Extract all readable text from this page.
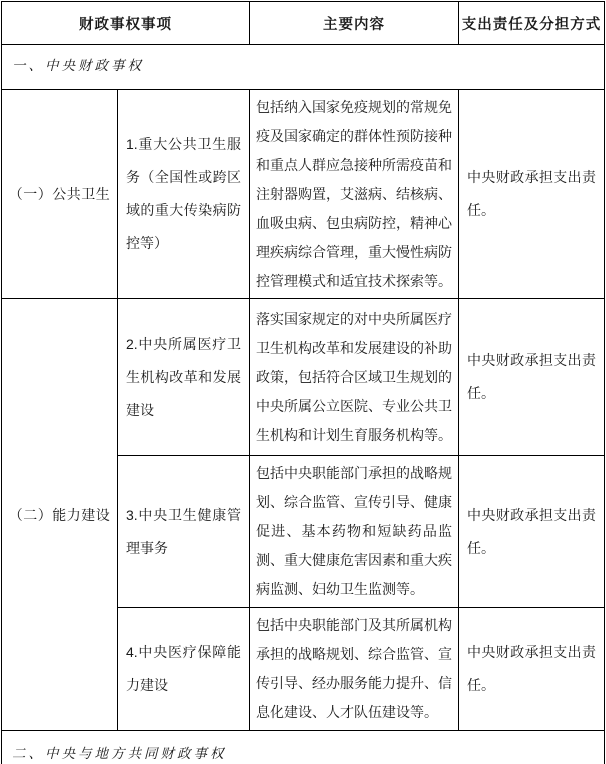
财政事权事项		主要内容	支出责任及分担方式
一、中央财政事权			
（一）公共卫生	1.重大公共卫生服务（全国性或跨区域的重大传染病防控等）	包括纳入国家免疫规划的常规免疫及国家确定的群体性预防接种和重点人群应急接种所需疫苗和注射器购置，艾滋病、结核病、血吸虫病、包虫病防控，精神心理疾病综合管理，重大慢性病防控管理模式和适宜技术探索等。	中央财政承担支出责任。
（二）能力建设	2.中央所属医疗卫生机构改革和发展建设	落实国家规定的对中央所属医疗卫生机构改革和发展建设的补助政策，包括符合区域卫生规划的中央所属公立医院、专业公共卫生机构和计划生育服务机构等。	中央财政承担支出责任。
	3.中央卫生健康管理事务	包括中央职能部门承担的战略规划、综合监管、宣传引导、健康促进、基本药物和短缺药品监测、重大健康危害因素和重大疾病监测、妇幼卫生监测等。	中央财政承担支出责任。
	4.中央医疗保障能力建设	包括中央职能部门及其所属机构承担的战略规划、综合监管、宣传引导、经办服务能力提升、信息化建设、人才队伍建设等。	中央财政承担支出责任。
二、中央与地方共同财政事权			
